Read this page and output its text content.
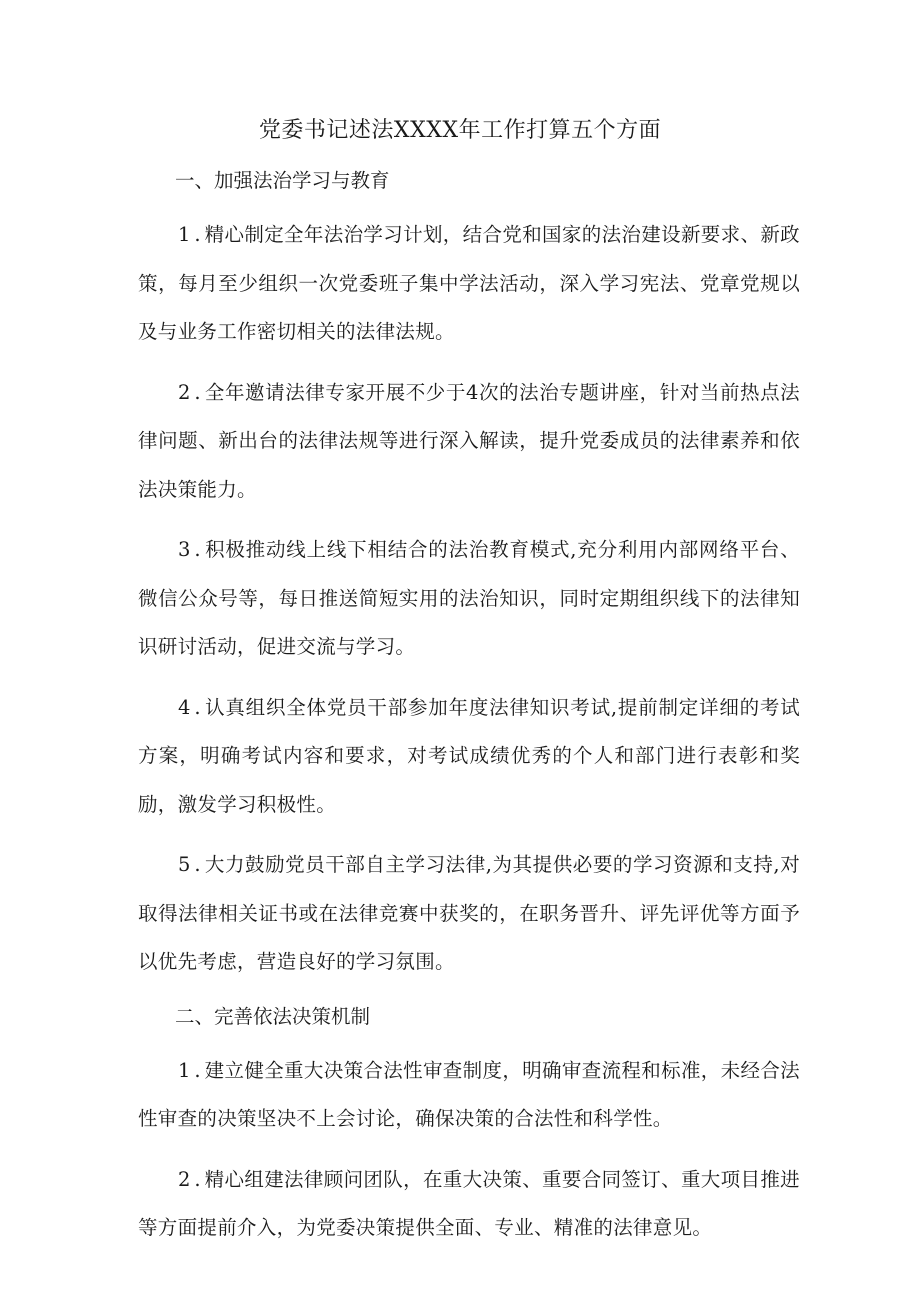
党委书记述法XXXX年工作打算五个方面
一、加强法治学习与教育

1.精心制定全年法治学习计划，结合党和国家的法治建设新要求、新政策，每月至少组织一次党委班子集中学法活动，深入学习宪法、党章党规以及与业务工作密切相关的法律法规。

2.全年邀请法律专家开展不少于4次的法治专题讲座，针对当前热点法律问题、新出台的法律法规等进行深入解读，提升党委成员的法律素养和依法决策能力。

3.积极推动线上线下相结合的法治教育模式,充分利用内部网络平台、微信公众号等，每日推送简短实用的法治知识，同时定期组织线下的法律知识研讨活动，促进交流与学习。

4.认真组织全体党员干部参加年度法律知识考试,提前制定详细的考试方案，明确考试内容和要求，对考试成绩优秀的个人和部门进行表彰和奖励，激发学习积极性。

5.大力鼓励党员干部自主学习法律,为其提供必要的学习资源和支持,对取得法律相关证书或在法律竞赛中获奖的，在职务晋升、评先评优等方面予以优先考虑，营造良好的学习氛围。

二、完善依法决策机制

1.建立健全重大决策合法性审查制度，明确审查流程和标准，未经合法性审查的决策坚决不上会讨论，确保决策的合法性和科学性。

2.精心组建法律顾问团队，在重大决策、重要合同签订、重大项目推进等方面提前介入，为党委决策提供全面、专业、精准的法律意见。
